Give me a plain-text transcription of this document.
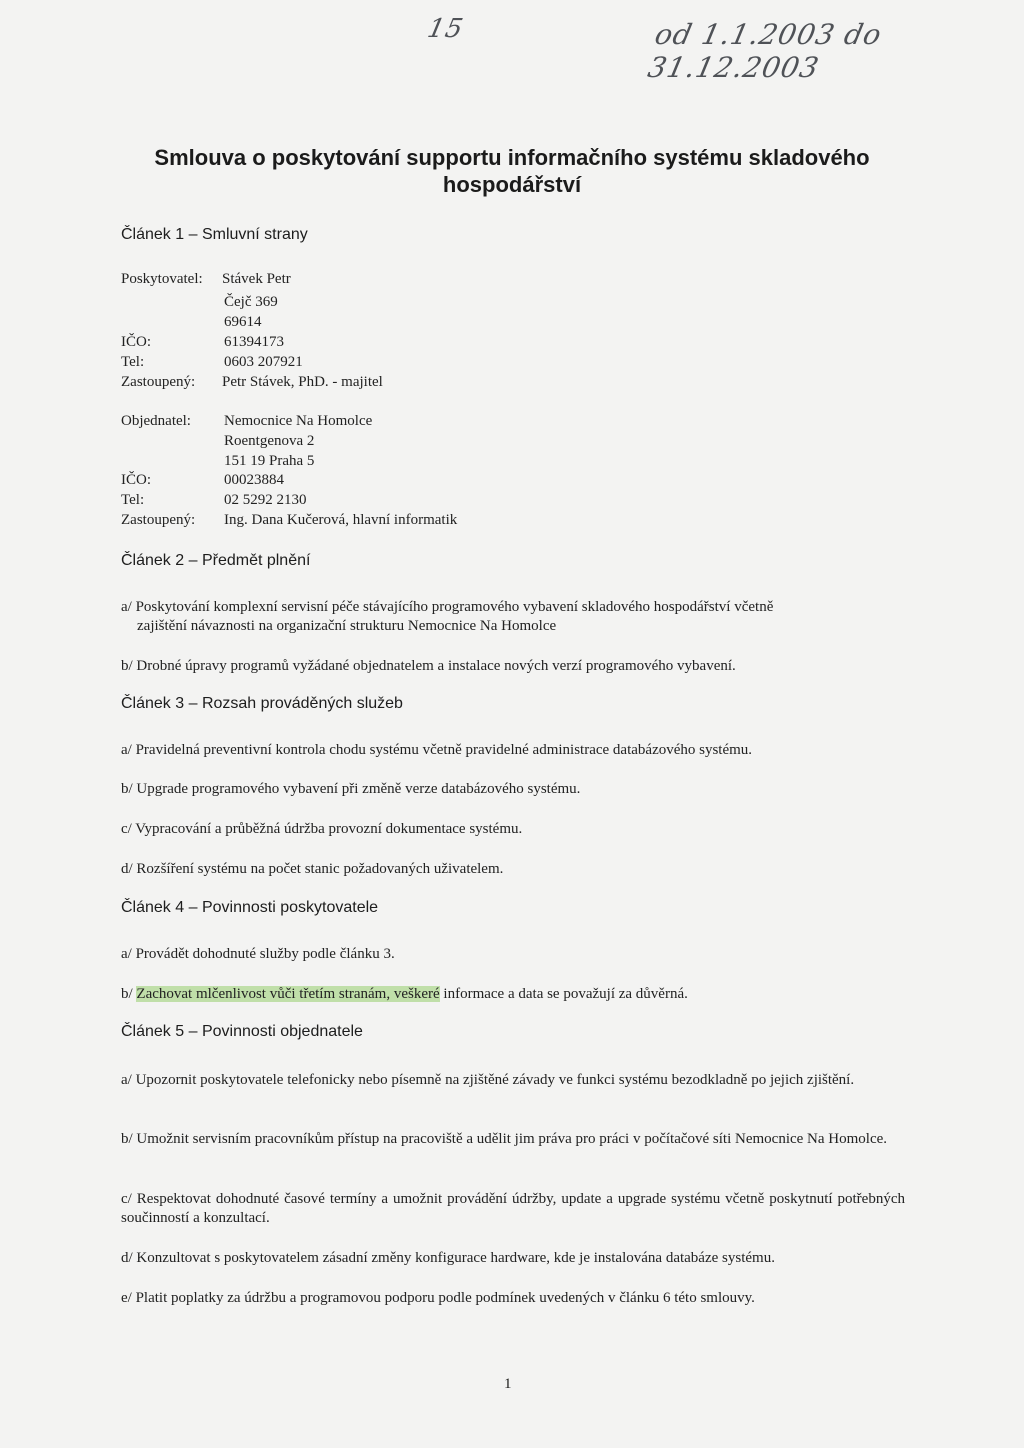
15	od 1.1.2003 do 31.12.2003
Smlouva o poskytování supportu informačního systému skladového hospodářství
Článek 1 – Smluvní strany
Poskytovatel: Stávek Petr
Čejč 369
69614
IČO:	61394173
Tel:	0603 207921
Zastoupený: Petr Stávek, PhD. - majitel
Objednatel: Nemocnice Na Homolce
Roentgenova 2
151 19 Praha 5
IČO:	00023884
Tel:	02 5292 2130
Zastoupený: Ing. Dana Kučerová, hlavní informatik
Článek 2 – Předmět plnění
a/ Poskytování komplexní servisní péče stávajícího programového vybavení skladového hospodářství včetně
zajištění návaznosti na organizační strukturu Nemocnice Na Homolce
b/ Drobné úpravy programů vyžádané objednatelem a instalace nových verzí programového vybavení.
Článek 3 – Rozsah prováděných služeb
a/ Pravidelná preventivní kontrola chodu systému včetně pravidelné administrace databázového systému.
b/ Upgrade programového vybavení při změně verze databázového systému.
c/ Vypracování a průběžná údržba provozní dokumentace systému.
d/ Rozšíření systému na počet stanic požadovaných uživatelem.
Článek 4 – Povinnosti poskytovatele
a/ Provádět dohodnuté služby podle článku 3.
b/ Zachovat mlčenlivost vůči třetím stranám, veškeré informace a data se považují za důvěrná.
Článek 5 – Povinnosti objednatele
a/ Upozornit poskytovatele telefonicky nebo písemně na zjištěné závady ve funkci systému bezodkladně po jejich zjištění.
b/ Umožnit servisním pracovníkům přístup na pracoviště a udělit jim práva pro práci v počítačové síti Nemocnice Na Homolce.
c/ Respektovat dohodnuté časové termíny a umožnit provádění údržby, update a upgrade systému včetně poskytnutí potřebných součinností a konzultací.
d/ Konzultovat s poskytovatelem zásadní změny konfigurace hardware, kde je instalována databáze systému.
e/ Platit poplatky za údržbu a programovou podporu podle podmínek uvedených v článku 6 této smlouvy.
1
